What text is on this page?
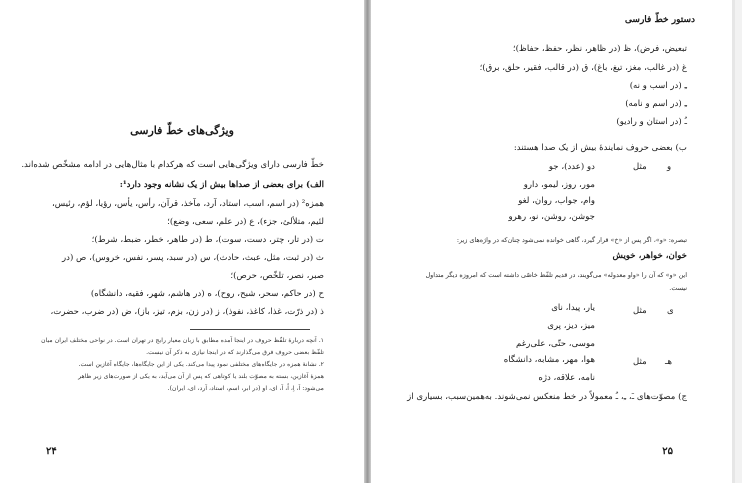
ویژگی‌های خطّ فارسی
خطّ فارسی دارای ویژگی‌هایی است که هرکدام با مثال‌هایی در ادامه مشخّص شده‌اند.
الف) برای بعضی از صداها بیش از یک نشانه وجود دارد¹:
همزه² (در اسم، اسب، استاد، آرد، مآخذ، قرآن، رأس، یأس، رؤیا، لؤم، رئیس،
لئیم، متلألئ، جزء)، ع (در علم، سعی، وضع)؛
ت (در تار، چتر، دست، سوت)، ط (در طاهر، خطر، ضبط، شرط)؛
ث (در ثبت، مثل، عبث، حادث)، س (در سبد، پسر، نفس، خروس)، ص (در
صبر، نصر، تلخّص، حرص)؛
ح (در حاکم، سحر، شبح، روح)، ه (در هاشم، شهر، فقیه، دانشگاه)
ذ (در ذرّت، غذا، کاغذ، نفوذ)، ز (در زن، بزم، تیز، باز)، ض (در ضرب، حضرت،
۱. آنچه دربارهٔ تلفّظ حروف در اینجا آمده مطابق با زبان معیار رایج در تهران است. در نواحی مختلف ایران میان
تلفّظ بعضی حروف فرق می‌گذارند که در اینجا نیازی به ذکر آن نیست.
۲. نشانهٔ همزه در جایگاه‌های مختلفی نمود پیدا می‌کند. یکی از این جایگاه‌ها، جایگاه آغازین است.
همزهٔ آغازین، بسته به مصوّت بلند یا کوتاهی که پس از آن می‌آید، به یکی از صورت‌های زیر ظاهر
می‌شود: اَ، اِ، اُ، آ، ای، او (در ابر، اسم، استاد، آرد، ای، ایران).
۲۴
دستور خطّ فارسی
تبعیض، فرض)، ظ (در ظاهر، نظر، حفظ، حفاظ)؛
غ (در غالب، مغز، تیغ، باغ)، ق (در قالب، فقیر، حلق، برق)؛
ـِ (در اسب و نه)
ـِ (در اسم و نامه)
ـُ (در استان و رادیو)
ب) بعضی حروف نمایندهٔ بیش از یک صدا هستند:
و
مثل
دو (عدد)، جو
مور، روز، لیمو، دارو
وام، جواب، روان، لغو
جوشن، روشن، نو، رهرو
تبصره: «و»، اگر پس از «خ» قرار گیرد، گاهی خوانده نمی‌شود چنان‌که در واژه‌های زیر:
خوان، خواهر، خویش
این «و» که آن را «واو معدوله» می‌گویند، در قدیم تلفّظ خاصّی داشته است که امروزه دیگر متداول
نیست.
ی
مثل
یار، پیدا، نای
میز، دیز، پری
موسی، حتّی، علی‌رغم
هـ
مثل
هوا، مهر، مشابه، دانشگاه
نامه، علاقه، دژه
ج) مصوّت‌های ـَ، ـِ، ـُ معمولاً در خط منعکس نمی‌شوند. به‌همین‌سبب، بسیاری از
۲۵
